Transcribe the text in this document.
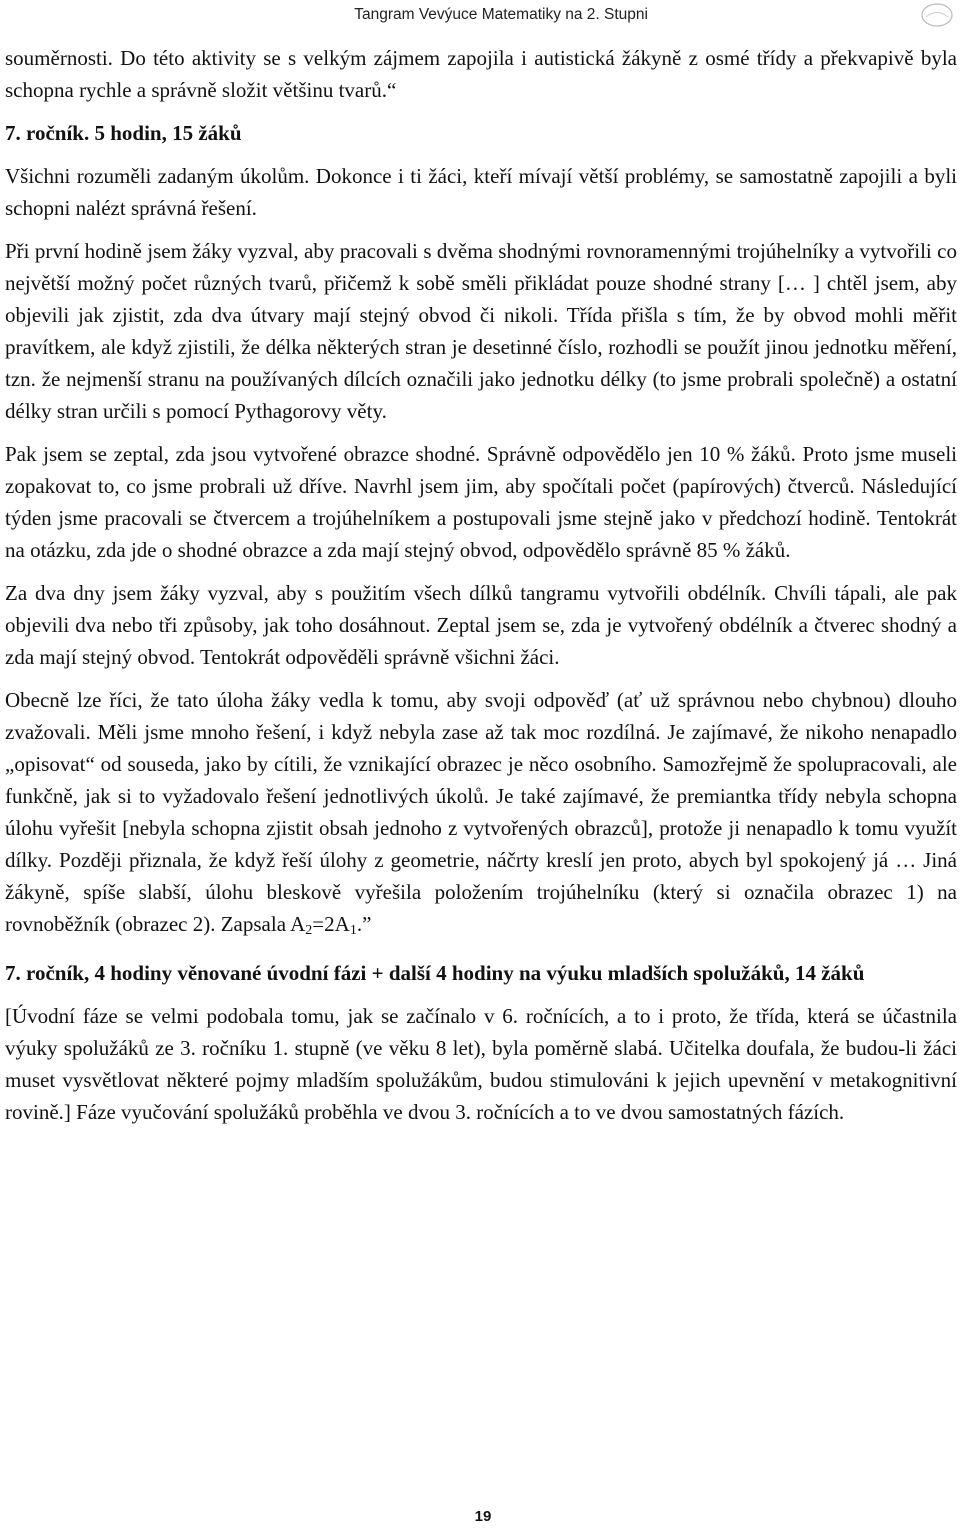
Tangram Vevýuce Matematiky na 2. Stupni

souměrnosti. Do této aktivity se s velkým zájmem zapojila i autistická žákyně z osmé třídy a překvapivě byla schopna rychle a správně složit většinu tvarů.“

7. ročník. 5 hodin, 15 žáků

Všichni rozuměli zadaným úkolům. Dokonce i ti žáci, kteří mívají větší problémy, se samostatně zapojili a byli schopni nalézt správná řešení.

Při první hodině jsem žáky vyzval, aby pracovali s dvěma shodnými rovnoramennými trojúhelníky a vytvořili co největší možný počet různých tvarů, přičemž k sobě směli přikládat pouze shodné strany [… ] chtěl jsem, aby objevili jak zjistit, zda dva útvary mají stejný obvod či nikoli. Třída přišla s tím, že by obvod mohli měřit pravítkem, ale když zjistili, že délka některých stran je desetinné číslo, rozhodli se použít jinou jednotku měření, tzn. že nejmenší stranu na používaných dílcích označili jako jednotku délky (to jsme probrali společně) a ostatní délky stran určili s pomocí Pythagorovy věty.

Pak jsem se zeptal, zda jsou vytvořené obrazce shodné. Správně odpovědělo jen 10 % žáků. Proto jsme museli zopakovat to, co jsme probrali už dříve. Navrhl jsem jim, aby spočítali počet (papírových) čtverců. Následující týden jsme pracovali se čtvercem a trojúhelníkem a postupovali jsme stejně jako v předchozí hodině. Tentokrát na otázku, zda jde o shodné obrazce a zda mají stejný obvod, odpovědělo správně 85 % žáků.

Za dva dny jsem žáky vyzval, aby s použitím všech dílků tangramu vytvořili obdélník. Chvíli tápali, ale pak objevili dva nebo tři způsoby, jak toho dosáhnout. Zeptal jsem se, zda je vytvořený obdélník a čtverec shodný a zda mají stejný obvod. Tentokrát odpověděli správně všichni žáci.

Obecně lze říci, že tato úloha žáky vedla k tomu, aby svoji odpověď (ať už správnou nebo chybnou) dlouho zvažovali. Měli jsme mnoho řešení, i když nebyla zase až tak moc rozdílná. Je zajímavé, že nikoho nenapadlo „opisovat“ od souseda, jako by cítili, že vznikající obrazec je něco osobního. Samozřejmě že spolupracovali, ale funkčně, jak si to vyžadovalo řešení jednotlivých úkolů. Je také zajímavé, že premiantka třídy nebyla schopna úlohu vyřešit [nebyla schopna zjistit obsah jednoho z vytvořených obrazců], protože ji nenapadlo k tomu využít dílky. Později přiznala, že když řeší úlohy z geometrie, náčrty kreslí jen proto, abych byl spokojený já … Jiná žákyně, spíše slabší, úlohu bleskově vyřešila položením trojúhelníku (který si označila obrazec 1) na rovnoběžník (obrazec 2). Zapsala $A_2=2A_1$.”

7. ročník, 4 hodiny věnované úvodní fázi + další 4 hodiny na výuku mladších spolužáků, 14 žáků

[Úvodní fáze se velmi podobala tomu, jak se začínalo v 6. ročnících, a to i proto, že třída, která se účastnila výuky spolužáků ze 3. ročníku 1. stupně (ve věku 8 let), byla poměrně slabá. Učitelka doufala, že budou-li žáci muset vysvětlovat některé pojmy mladším spolužákům, budou stimulováni k jejich upevnění v metakognitivní rovině.] Fáze vyučování spolužáků proběhla ve dvou 3. ročnících a to ve dvou samostatných fázích.

19
